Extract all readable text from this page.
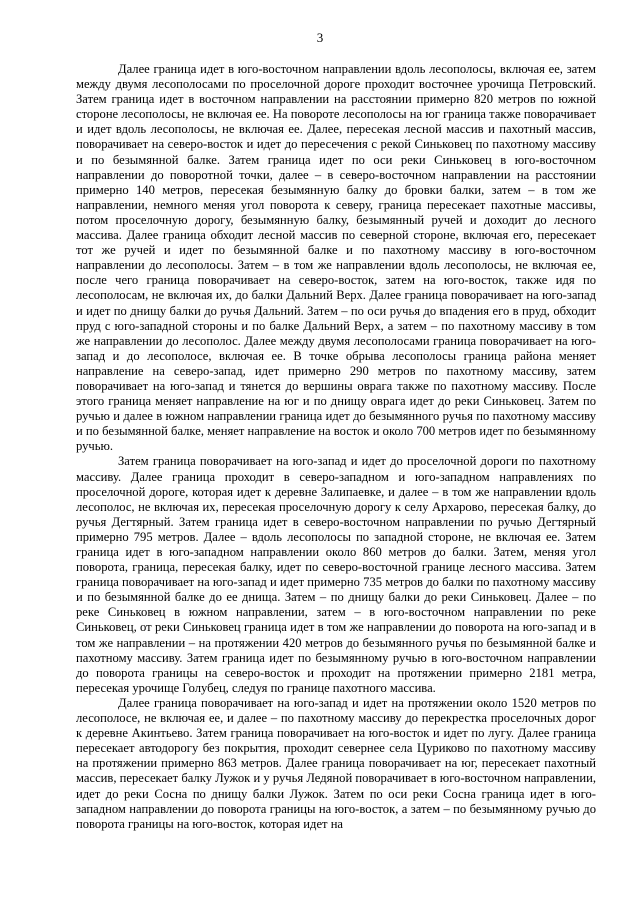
3

Далее граница идет в юго-восточном направлении вдоль лесополосы, включая ее, затем между двумя лесополосами по проселочной дороге проходит восточнее урочища Петровский. Затем граница идет в восточном направлении на расстоянии примерно 820 метров по южной стороне лесополосы, не включая ее. На повороте лесополосы на юг граница также поворачивает и идет вдоль лесополосы, не включая ее. Далее, пересекая лесной массив и пахотный массив, поворачивает на северо-восток и идет до пересечения с рекой Синьковец по пахотному массиву и по безымянной балке. Затем граница идет по оси реки Синьковец в юго-восточном направлении до поворотной точки, далее – в северо-восточном направлении на расстоянии примерно 140 метров, пересекая безымянную балку до бровки балки, затем – в том же направлении, немного меняя угол поворота к северу, граница пересекает пахотные массивы, потом проселочную дорогу, безымянную балку, безымянный ручей и доходит до лесного массива. Далее граница обходит лесной массив по северной стороне, включая его, пересекает тот же ручей и идет по безымянной балке и по пахотному массиву в юго-восточном направлении до лесополосы. Затем – в том же направлении вдоль лесополосы, не включая ее, после чего граница поворачивает на северо-восток, затем на юго-восток, также идя по лесополосам, не включая их, до балки Дальний Верх. Далее граница поворачивает на юго-запад и идет по днищу балки до ручья Дальний. Затем – по оси ручья до впадения его в пруд, обходит пруд с юго-западной стороны и по балке Дальний Верх, а затем – по пахотному массиву в том же направлении до лесополос. Далее между двумя лесополосами граница поворачивает на юго-запад и до лесополосе, включая ее. В точке обрыва лесополосы граница района меняет направление на северо-запад, идет примерно 290 метров по пахотному массиву, затем поворачивает на юго-запад и тянется до вершины оврага также по пахотному массиву. После этого граница меняет направление на юг и по днищу оврага идет до реки Синьковец. Затем по ручью и далее в южном направлении граница идет до безымянного ручья по пахотному массиву и по безымянной балке, меняет направление на восток и около 700 метров идет по безымянному ручью.

Затем граница поворачивает на юго-запад и идет до проселочной дороги по пахотному массиву. Далее граница проходит в северо-западном и юго-западном направлениях по проселочной дороге, которая идет к деревне Залипаевке, и далее – в том же направлении вдоль лесополос, не включая их, пересекая проселочную дорогу к селу Архарово, пересекая балку, до ручья Дегтярный. Затем граница идет в северо-восточном направлении по ручью Дегтярный примерно 795 метров. Далее – вдоль лесополосы по западной стороне, не включая ее. Затем граница идет в юго-западном направлении около 860 метров до балки. Затем, меняя угол поворота, граница, пересекая балку, идет по северо-восточной границе лесного массива. Затем граница поворачивает на юго-запад и идет примерно 735 метров до балки по пахотному массиву и по безымянной балке до ее днища. Затем – по днищу балки до реки Синьковец. Далее – по реке Синьковец в южном направлении, затем – в юго-восточном направлении по реке Синьковец, от реки Синьковец граница идет в том же направлении до поворота на юго-запад и в том же направлении – на протяжении 420 метров до безымянного ручья по безымянной балке и пахотному массиву. Затем граница идет по безымянному ручью в юго-восточном направлении до поворота границы на северо-восток и проходит на протяжении примерно 2181 метра, пересекая урочище Голубец, следуя по границе пахотного массива.

Далее граница поворачивает на юго-запад и идет на протяжении около 1520 метров по лесополосе, не включая ее, и далее – по пахотному массиву до перекрестка проселочных дорог к деревне Акинтьево. Затем граница поворачивает на юго-восток и идет по лугу. Далее граница пересекает автодорогу без покрытия, проходит севернее села Цуриково по пахотному массиву на протяжении примерно 863 метров. Далее граница поворачивает на юг, пересекает пахотный массив, пересекает балку Лужок и у ручья Ледяной поворачивает в юго-восточном направлении, идет до реки Сосна по днищу балки Лужок. Затем по оси реки Сосна граница идет в юго-западном направлении до поворота границы на юго-восток, а затем – по безымянному ручью до поворота границы на юго-восток, которая идет на
